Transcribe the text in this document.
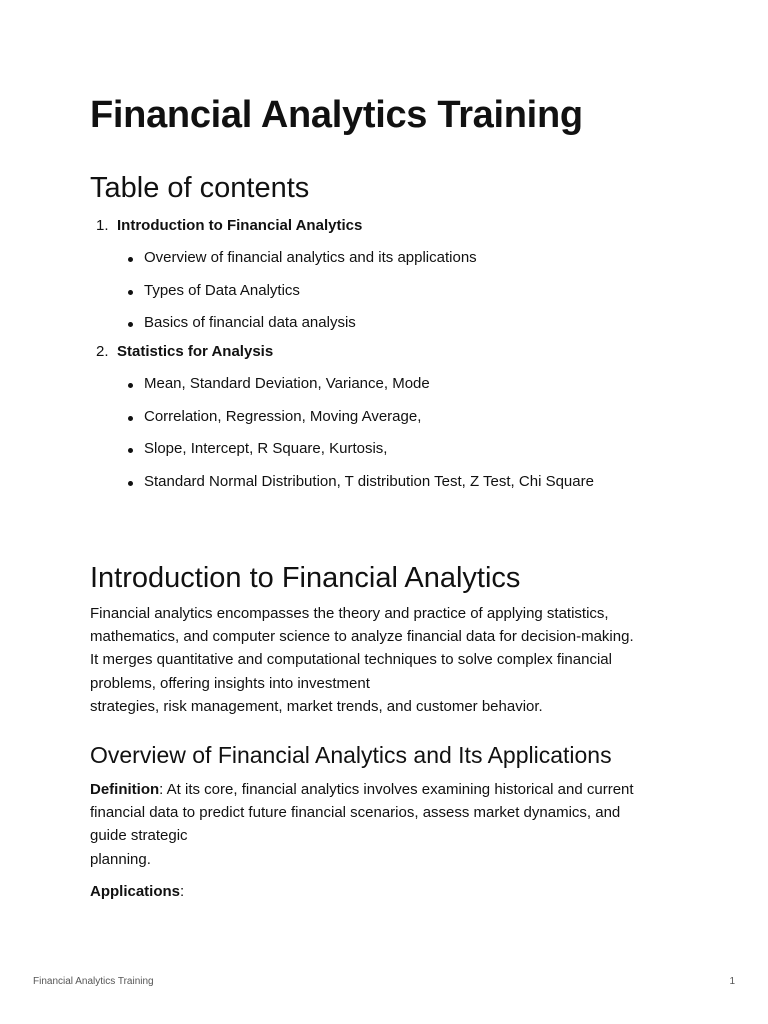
Financial Analytics Training
Table of contents
1. Introduction to Financial Analytics
Overview of financial analytics and its applications
Types of Data Analytics
Basics of financial data analysis
2. Statistics for Analysis
Mean, Standard Deviation, Variance, Mode
Correlation, Regression, Moving Average,
Slope, Intercept, R Square, Kurtosis,
Standard Normal Distribution, T distribution Test, Z Test, Chi Square
Introduction to Financial Analytics

Financial analytics encompasses the theory and practice of applying statistics,
mathematics, and computer science to analyze financial data for decision-making.
It merges quantitative and computational techniques to solve complex financial
problems, offering insights into investment
strategies, risk management, market trends, and customer behavior.

Overview of Financial Analytics and Its Applications

Definition: At its core, financial analytics involves examining historical and current
financial data to predict future financial scenarios, assess market dynamics, and
guide strategic
planning.

Applications:

Financial Analytics Training	1
